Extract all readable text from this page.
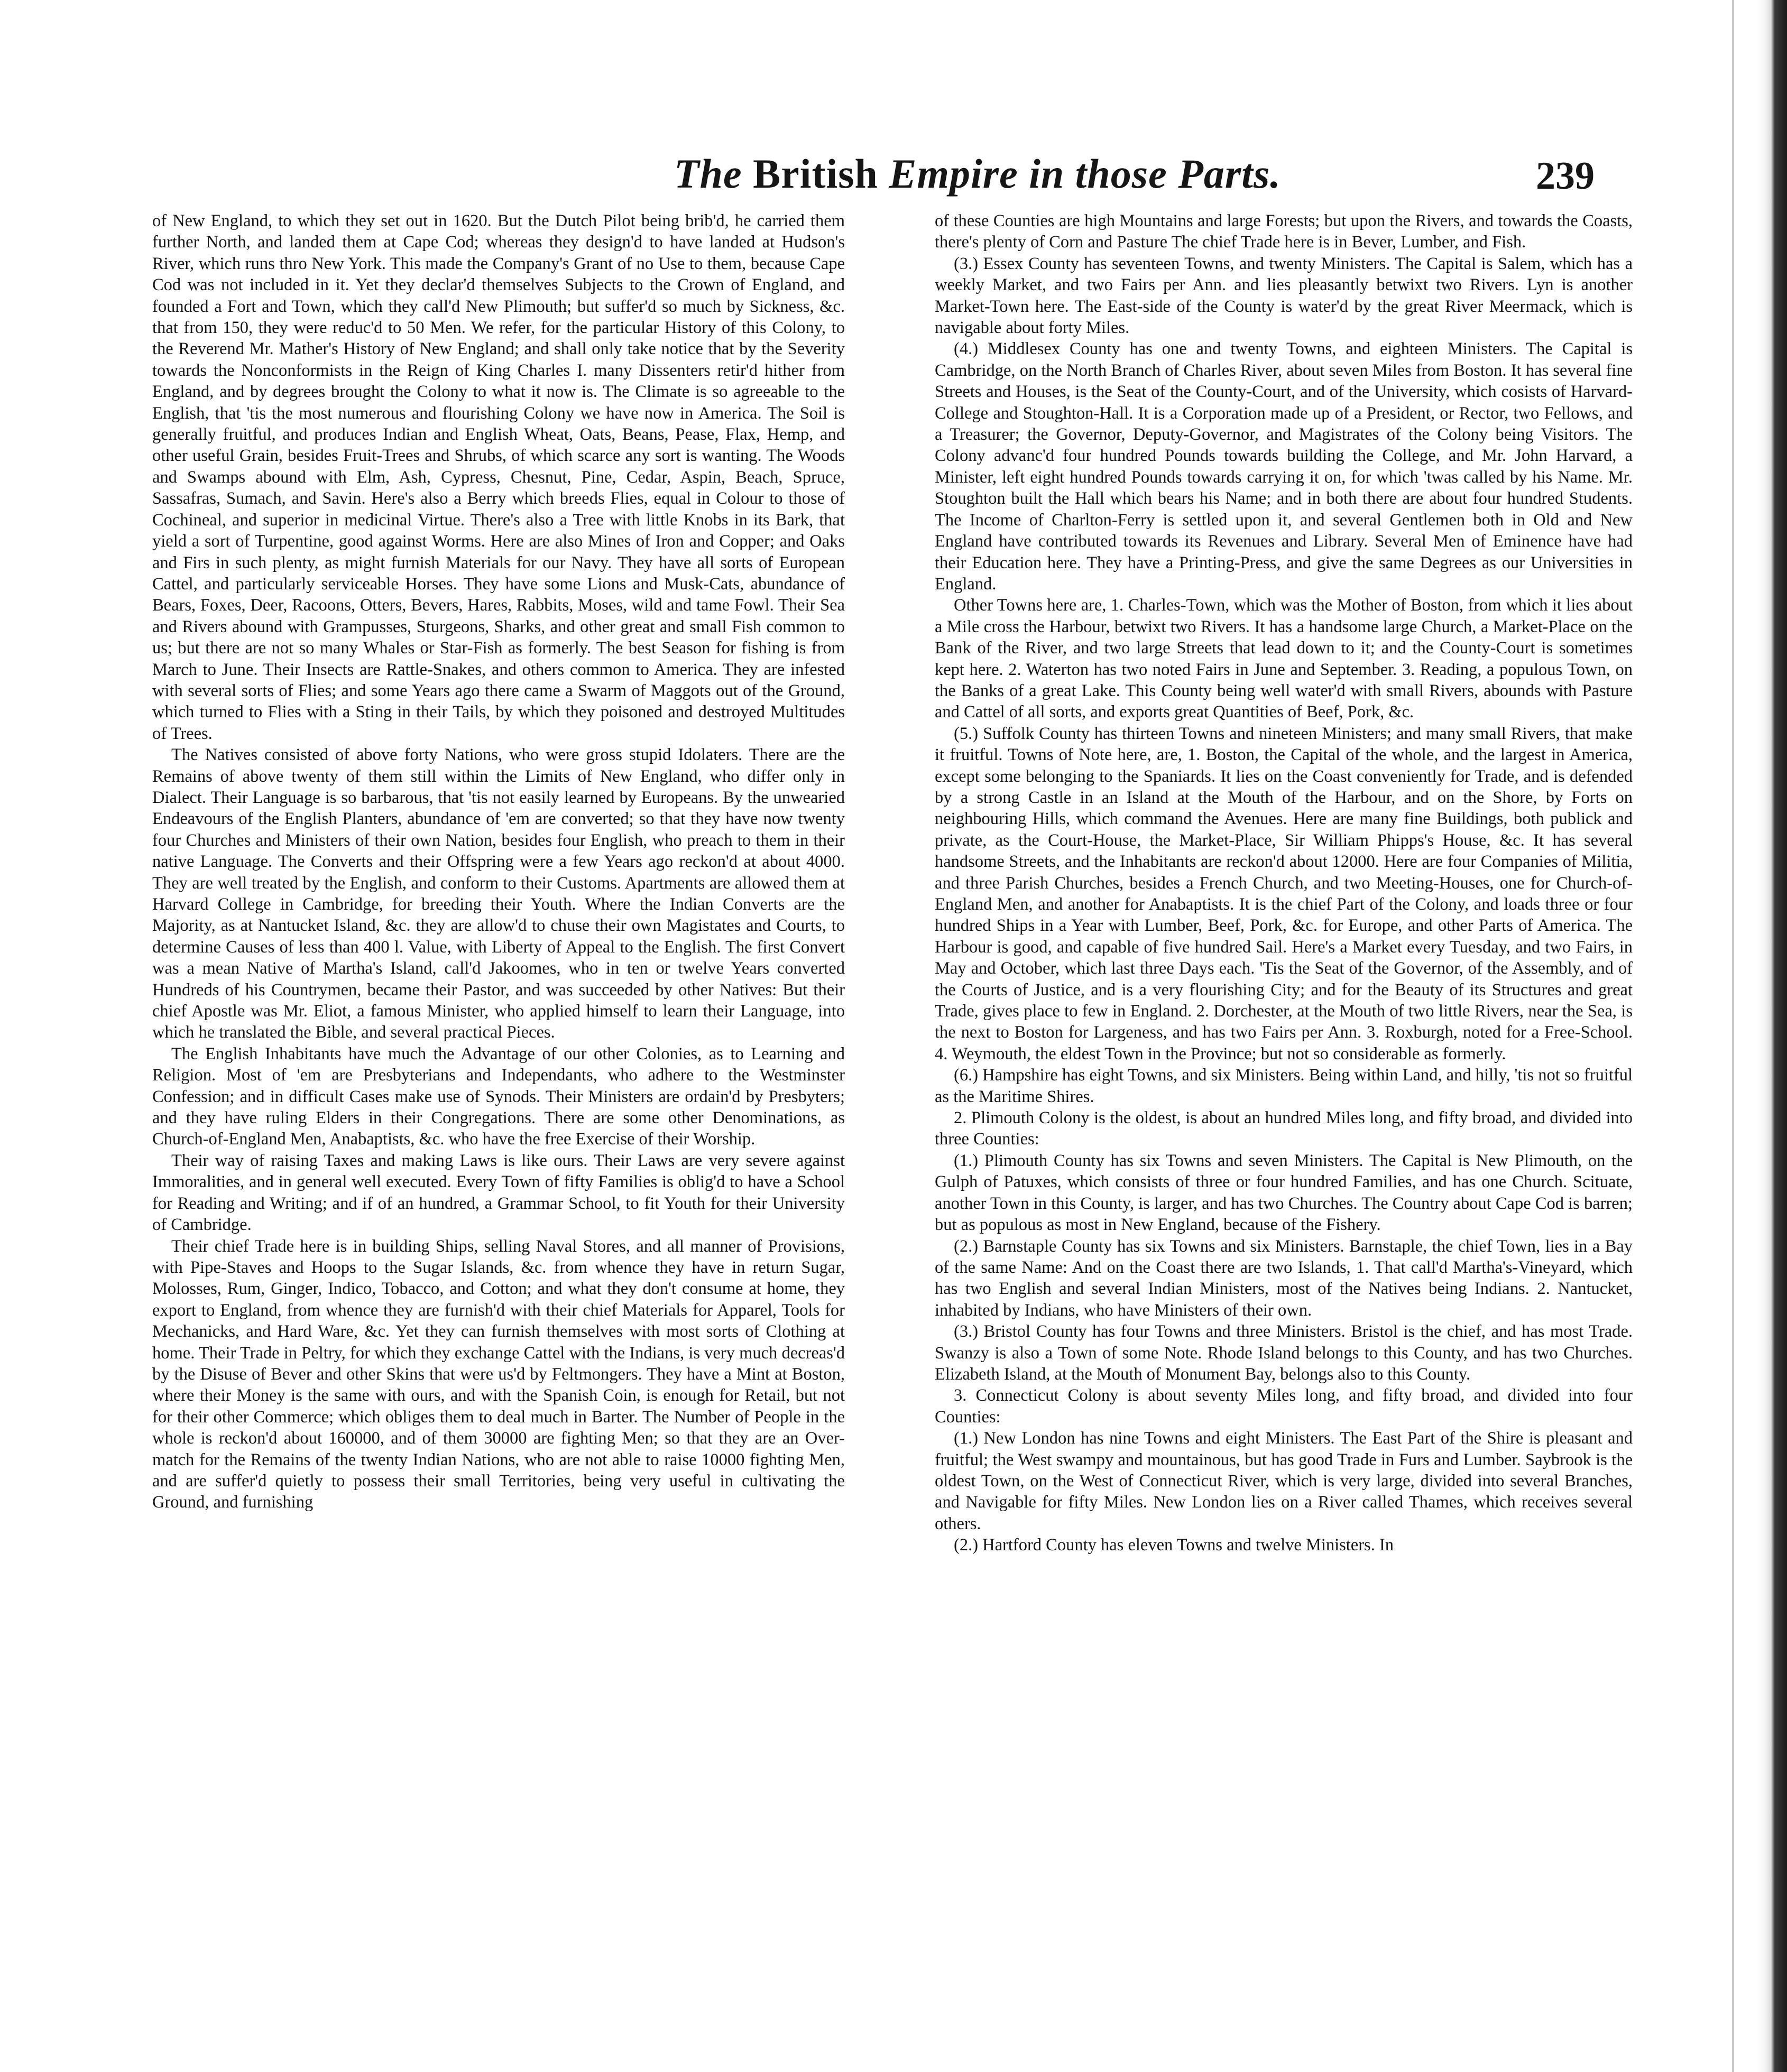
The British Empire in those Parts.	239

of New England, to which they set out in 1620. But the Dutch Pilot being brib'd, he carried them further North, and landed them at Cape Cod; whereas they design'd to have landed at Hudson's River, which runs thro New York. This made the Company's Grant of no Use to them, because Cape Cod was not included in it. Yet they declar'd themselves Subjects to the Crown of England, and founded a Fort and Town, which they call'd New Plimouth; but suffer'd so much by Sickness, &c. that from 150, they were reduc'd to 50 Men. We refer, for the particular History of this Colony, to the Reverend Mr. Mather's History of New England; and shall only take notice that by the Severity towards the Nonconformists in the Reign of King Charles I. many Dissenters retir'd hither from England, and by degrees brought the Colony to what it now is. The Climate is so agreeable to the English, that 'tis the most numerous and flourishing Colony we have now in America. The Soil is generally fruitful, and produces Indian and English Wheat, Oats, Beans, Pease, Flax, Hemp, and other useful Grain, besides Fruit-Trees and Shrubs, of which scarce any sort is wanting. The Woods and Swamps abound with Elm, Ash, Cypress, Chesnut, Pine, Cedar, Aspin, Beach, Spruce, Sassafras, Sumach, and Savin. Here's also a Berry which breeds Flies, equal in Colour to those of Cochineal, and superior in medicinal Virtue. There's also a Tree with little Knobs in its Bark, that yield a sort of Turpentine, good against Worms. Here are also Mines of Iron and Copper; and Oaks and Firs in such plenty, as might furnish Materials for our Navy. They have all sorts of European Cattel, and particularly serviceable Horses. They have some Lions and Musk-Cats, abundance of Bears, Foxes, Deer, Racoons, Otters, Bevers, Hares, Rabbits, Moses, wild and tame Fowl. Their Sea and Rivers abound with Grampusses, Sturgeons, Sharks, and other great and small Fish common to us; but there are not so many Whales or Star-Fish as formerly. The best Season for fishing is from March to June. Their Insects are Rattle-Snakes, and others common to America. They are infested with several sorts of Flies; and some Years ago there came a Swarm of Maggots out of the Ground, which turned to Flies with a Sting in their Tails, by which they poisoned and destroyed Multitudes of Trees.

The Natives consisted of above forty Nations, who were gross stupid Idolaters. There are the Remains of above twenty of them still within the Limits of New England, who differ only in Dialect. Their Language is so barbarous, that 'tis not easily learned by Europeans. By the unwearied Endeavours of the English Planters, abundance of 'em are converted; so that they have now twenty four Churches and Ministers of their own Nation, besides four English, who preach to them in their native Language. The Converts and their Offspring were a few Years ago reckon'd at about 4000. They are well treated by the English, and conform to their Customs. Apartments are allowed them at Harvard College in Cambridge, for breeding their Youth. Where the Indian Converts are the Majority, as at Nantucket Island, &c. they are allow'd to chuse their own Magistates and Courts, to determine Causes of less than 400 l. Value, with Liberty of Appeal to the English. The first Convert was a mean Native of Martha's Island, call'd Jakoomes, who in ten or twelve Years converted Hundreds of his Countrymen, became their Pastor, and was succeeded by other Natives: But their chief Apostle was Mr. Eliot, a famous Minister, who applied himself to learn their Language, into which he translated the Bible, and several practical Pieces.

The English Inhabitants have much the Advantage of our other Colonies, as to Learning and Religion. Most of 'em are Presbyterians and Independants, who adhere to the Westminster Confession; and in difficult Cases make use of Synods. Their Ministers are ordain'd by Presbyters; and they have ruling Elders in their Congregations. There are some other Denominations, as Church-of-England Men, Anabaptists, &c. who have the free Exercise of their Worship.

Their way of raising Taxes and making Laws is like ours. Their Laws are very severe against Immoralities, and in general well executed. Every Town of fifty Families is oblig'd to have a School for Reading and Writing; and if of an hundred, a Grammar School, to fit Youth for their University of Cambridge.

Their chief Trade here is in building Ships, selling Naval Stores, and all manner of Provisions, with Pipe-Staves and Hoops to the Sugar Islands, &c. from whence they have in return Sugar, Molosses, Rum, Ginger, Indico, Tobacco, and Cotton; and what they don't consume at home, they export to England, from whence they are furnish'd with their chief Materials for Apparel, Tools for Mechanicks, and Hard Ware, &c. Yet they can furnish themselves with most sorts of Clothing at home. Their Trade in Peltry, for which they exchange Cattel with the Indians, is very much decreas'd by the Disuse of Bever and other Skins that were us'd by Feltmongers. They have a Mint at Boston, where their Money is the same with ours, and with the Spanish Coin, is enough for Retail, but not for their other Commerce; which obliges them to deal much in Barter. The Number of People in the whole is reckon'd about 160000, and of them 30000 are fighting Men; so that they are an Over-match for the Remains of the twenty Indian Nations, who are not able to raise 10000 fighting Men, and are suffer'd quietly to possess their small Territories, being very useful in cultivating the Ground, and furnishing

of these Counties are high Mountains and large Forests; but upon the Rivers, and towards the Coasts, there's plenty of Corn and Pasture The chief Trade here is in Bever, Lumber, and Fish.

(3.) Essex County has seventeen Towns, and twenty Ministers. The Capital is Salem, which has a weekly Market, and two Fairs per Ann. and lies pleasantly betwixt two Rivers. Lyn is another Market-Town here. The East-side of the County is water'd by the great River Meermack, which is navigable about forty Miles.

(4.) Middlesex County has one and twenty Towns, and eighteen Ministers. The Capital is Cambridge, on the North Branch of Charles River, about seven Miles from Boston. It has several fine Streets and Houses, is the Seat of the County-Court, and of the University, which cosists of Harvard-College and Stoughton-Hall. It is a Corporation made up of a President, or Rector, two Fellows, and a Treasurer; the Governor, Deputy-Governor, and Magistrates of the Colony being Visitors. The Colony advanc'd four hundred Pounds towards building the College, and Mr. John Harvard, a Minister, left eight hundred Pounds towards carrying it on, for which 'twas called by his Name. Mr. Stoughton built the Hall which bears his Name; and in both there are about four hundred Students. The Income of Charlton-Ferry is settled upon it, and several Gentlemen both in Old and New England have contributed towards its Revenues and Library. Several Men of Eminence have had their Education here. They have a Printing-Press, and give the same Degrees as our Universities in England.

Other Towns here are, 1. Charles-Town, which was the Mother of Boston, from which it lies about a Mile cross the Harbour, betwixt two Rivers. It has a handsome large Church, a Market-Place on the Bank of the River, and two large Streets that lead down to it; and the County-Court is sometimes kept here. 2. Waterton has two noted Fairs in June and September. 3. Reading, a populous Town, on the Banks of a great Lake. This County being well water'd with small Rivers, abounds with Pasture and Cattel of all sorts, and exports great Quantities of Beef, Pork, &c.

(5.) Suffolk County has thirteen Towns and nineteen Ministers; and many small Rivers, that make it fruitful. Towns of Note here, are, 1. Boston, the Capital of the whole, and the largest in America, except some belonging to the Spaniards. It lies on the Coast conveniently for Trade, and is defended by a strong Castle in an Island at the Mouth of the Harbour, and on the Shore, by Forts on neighbouring Hills, which command the Avenues. Here are many fine Buildings, both publick and private, as the Court-House, the Market-Place, Sir William Phipps's House, &c. It has several handsome Streets, and the Inhabitants are reckon'd about 12000. Here are four Companies of Militia, and three Parish Churches, besides a French Church, and two Meeting-Houses, one for Church-of-England Men, and another for Anabaptists. It is the chief Part of the Colony, and loads three or four hundred Ships in a Year with Lumber, Beef, Pork, &c. for Europe, and other Parts of America. The Harbour is good, and capable of five hundred Sail. Here's a Market every Tuesday, and two Fairs, in May and October, which last three Days each. 'Tis the Seat of the Governor, of the Assembly, and of the Courts of Justice, and is a very flourishing City; and for the Beauty of its Structures and great Trade, gives place to few in England. 2. Dorchester, at the Mouth of two little Rivers, near the Sea, is the next to Boston for Largeness, and has two Fairs per Ann. 3. Roxburgh, noted for a Free-School. 4. Weymouth, the eldest Town in the Province; but not so considerable as formerly.

(6.) Hampshire has eight Towns, and six Ministers. Being within Land, and hilly, 'tis not so fruitful as the Maritime Shires.

2. Plimouth Colony is the oldest, is about an hundred Miles long, and fifty broad, and divided into three Counties:

(1.) Plimouth County has six Towns and seven Ministers. The Capital is New Plimouth, on the Gulph of Patuxes, which consists of three or four hundred Families, and has one Church. Scituate, another Town in this County, is larger, and has two Churches. The Country about Cape Cod is barren; but as populous as most in New England, because of the Fishery.

(2.) Barnstaple County has six Towns and six Ministers. Barnstaple, the chief Town, lies in a Bay of the same Name: And on the Coast there are two Islands, 1. That call'd Martha's-Vineyard, which has two English and several Indian Ministers, most of the Natives being Indians. 2. Nantucket, inhabited by Indians, who have Ministers of their own.

(3.) Bristol County has four Towns and three Ministers. Bristol is the chief, and has most Trade. Swanzy is also a Town of some Note. Rhode Island belongs to this County, and has two Churches. Elizabeth Island, at the Mouth of Monument Bay, belongs also to this County.

3. Connecticut Colony is about seventy Miles long, and fifty broad, and divided into four Counties:

(1.) New London has nine Towns and eight Ministers. The East Part of the Shire is pleasant and fruitful; the West swampy and mountainous, but has good Trade in Furs and Lumber. Saybrook is the oldest Town, on the West of Connecticut River, which is very large, divided into several Branches, and Navigable for fifty Miles. New London lies on a River called Thames, which receives several others.

(2.) Hartford County has eleven Towns and twelve Ministers. In
